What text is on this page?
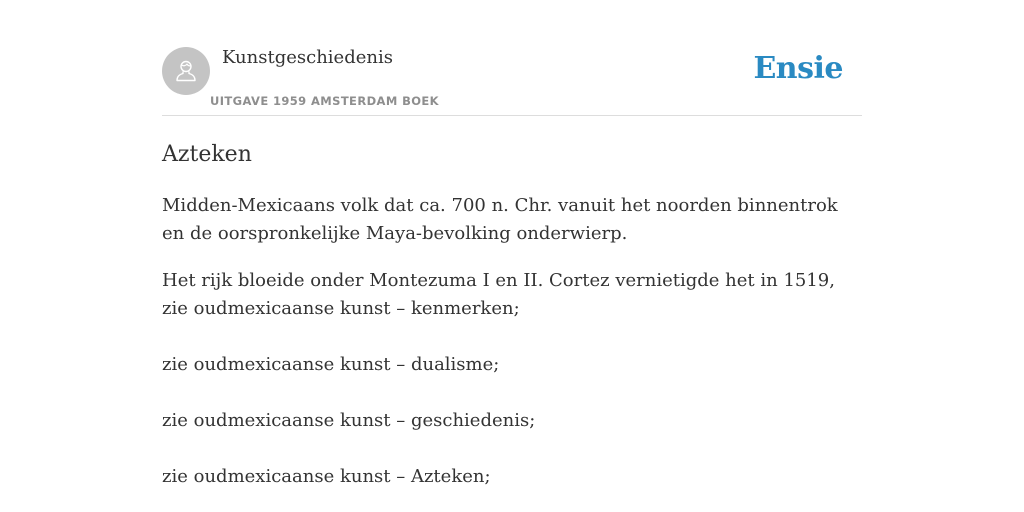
Kunstgeschiedenis
UITGAVE 1959 AMSTERDAM BOEK
Ensie
Azteken

Midden-Mexicaans volk dat ca. 700 n. Chr. vanuit het noorden binnentrok en de oorspronkelijke Maya-bevolking onderwierp.

Het rijk bloeide onder Montezuma I en II. Cortez vernietigde het in 1519, zie oudmexicaanse kunst – kenmerken;

zie oudmexicaanse kunst – dualisme;

zie oudmexicaanse kunst – geschiedenis;

zie oudmexicaanse kunst – Azteken;
